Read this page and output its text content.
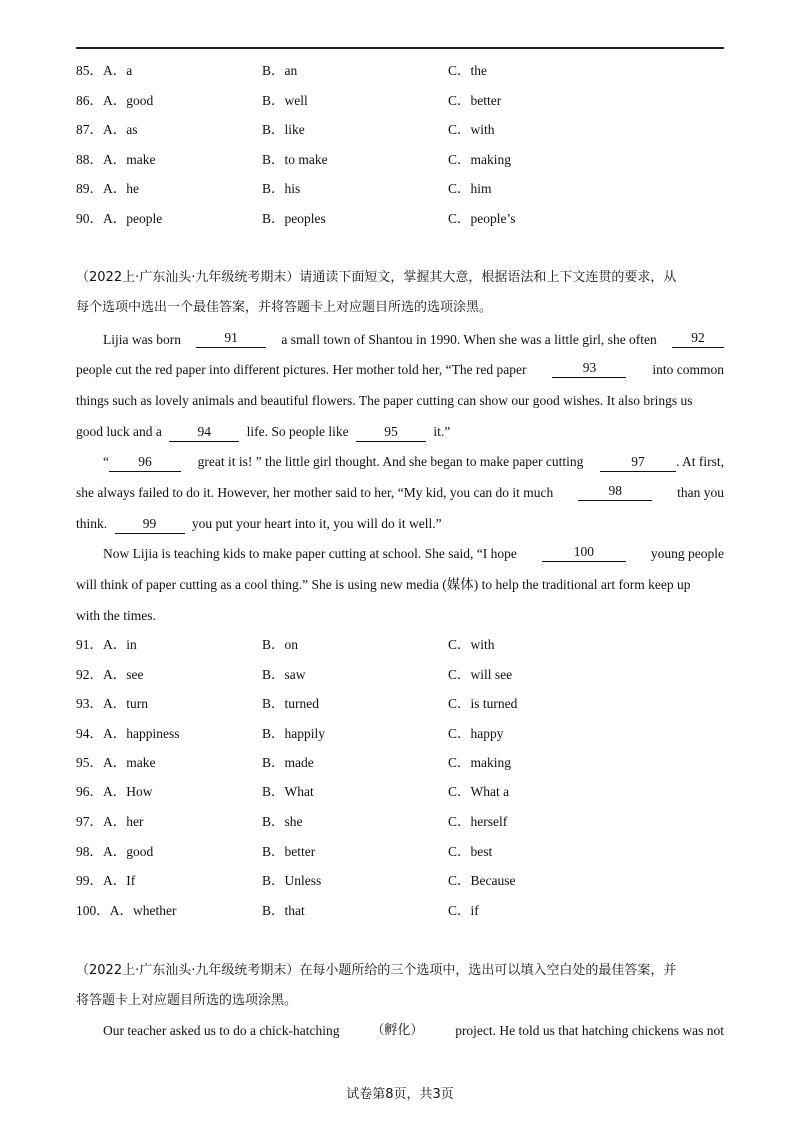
85．A．a	B．an	C．the
86．A．good	B．well	C．better
87．A．as	B．like	C．with
88．A．make	B．to make	C．making
89．A．he	B．his	C．him
90．A．people	B．peoples	C．people’s
（2022上·广东汕头·九年级统考期末）请通读下面短文，掌握其大意，根据语法和上下文连贯的要求，从
每个选项中选出一个最佳答案，并将答题卡上对应题目所选的选项涂黑。
Lijia was born	91	a small town of Shantou in 1990. When she was a little girl, she often	92
people cut the red paper into different pictures. Her mother told her, “The red paper	93	into common
things such as lovely animals and beautiful flowers. The paper cutting can show our good wishes. It also brings us
good luck and a	94	life. So people like	95	it.”
“ 96	great it is! ” the little girl thought. And she began to make paper cutting	97 . At first,
she always failed to do it. However, her mother said to her, “My kid, you can do it much	98	than you
think.	99	you put your heart into it, you will do it well.”
Now Lijia is teaching kids to make paper cutting at school. She said, “I hope	100	young people
will think of paper cutting as a cool thing.” She is using new media (媒体) to help the traditional art form keep up
with the times.
91．A．in	B．on	C．with
92．A．see	B．saw	C．will see
93．A．turn	B．turned	C．is turned
94．A．happiness	B．happily	C．happy
95．A．make	B．made	C．making
96．A．How	B．What	C．What a
97．A．her	B．she	C．herself
98．A．good	B．better	C．best
99．A．If	B．Unless	C．Because
100．A．whether	B．that	C．if
（2022上·广东汕头·九年级统考期末）在每小题所给的三个选项中，选出可以填入空白处的最佳答案，并
将答题卡上对应题目所选的选项涂黑。
Our teacher asked us to do a chick-hatching （孵化） project. He told us that hatching chickens was not
试卷第8页，共3页
